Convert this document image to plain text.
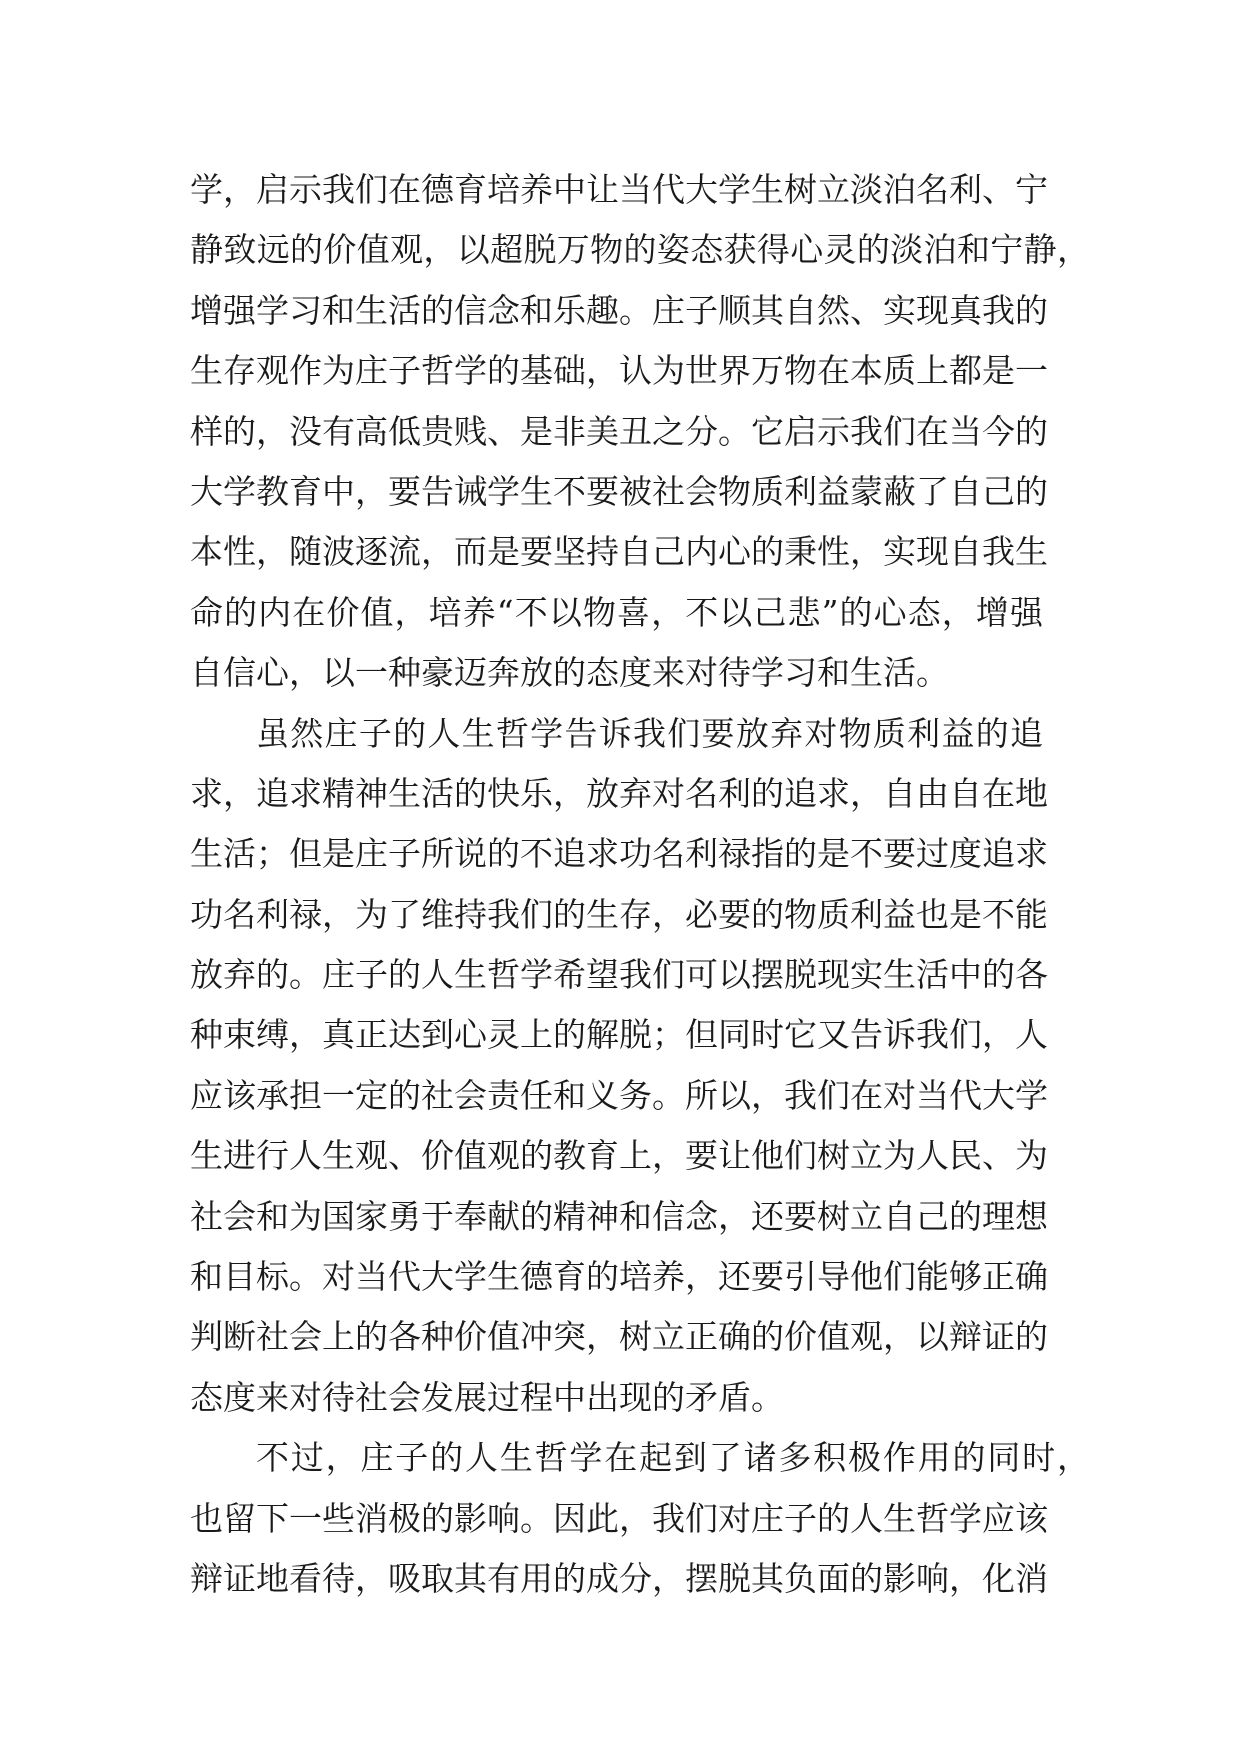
学，启示我们在德育培养中让当代大学生树立淡泊名利、宁
静致远的价值观，以超脱万物的姿态获得心灵的淡泊和宁静，
增强学习和生活的信念和乐趣。庄子顺其自然、实现真我的
生存观作为庄子哲学的基础，认为世界万物在本质上都是一
样的，没有高低贵贱、是非美丑之分。它启示我们在当今的
大学教育中，要告诫学生不要被社会物质利益蒙蔽了自己的
本性，随波逐流，而是要坚持自己内心的秉性，实现自我生
命的内在价值，培养“不以物喜，不以己悲”的心态，增强
自信心，以一种豪迈奔放的态度来对待学习和生活。
虽然庄子的人生哲学告诉我们要放弃对物质利益的追
求，追求精神生活的快乐，放弃对名利的追求，自由自在地
生活；但是庄子所说的不追求功名利禄指的是不要过度追求
功名利禄，为了维持我们的生存，必要的物质利益也是不能
放弃的。庄子的人生哲学希望我们可以摆脱现实生活中的各
种束缚，真正达到心灵上的解脱；但同时它又告诉我们，人
应该承担一定的社会责任和义务。所以，我们在对当代大学
生进行人生观、价值观的教育上，要让他们树立为人民、为
社会和为国家勇于奉献的精神和信念，还要树立自己的理想
和目标。对当代大学生德育的培养，还要引导他们能够正确
判断社会上的各种价值冲突，树立正确的价值观，以辩证的
态度来对待社会发展过程中出现的矛盾。
不过，庄子的人生哲学在起到了诸多积极作用的同时，
也留下一些消极的影响。因此，我们对庄子的人生哲学应该
辩证地看待，吸取其有用的成分，摆脱其负面的影响，化消
